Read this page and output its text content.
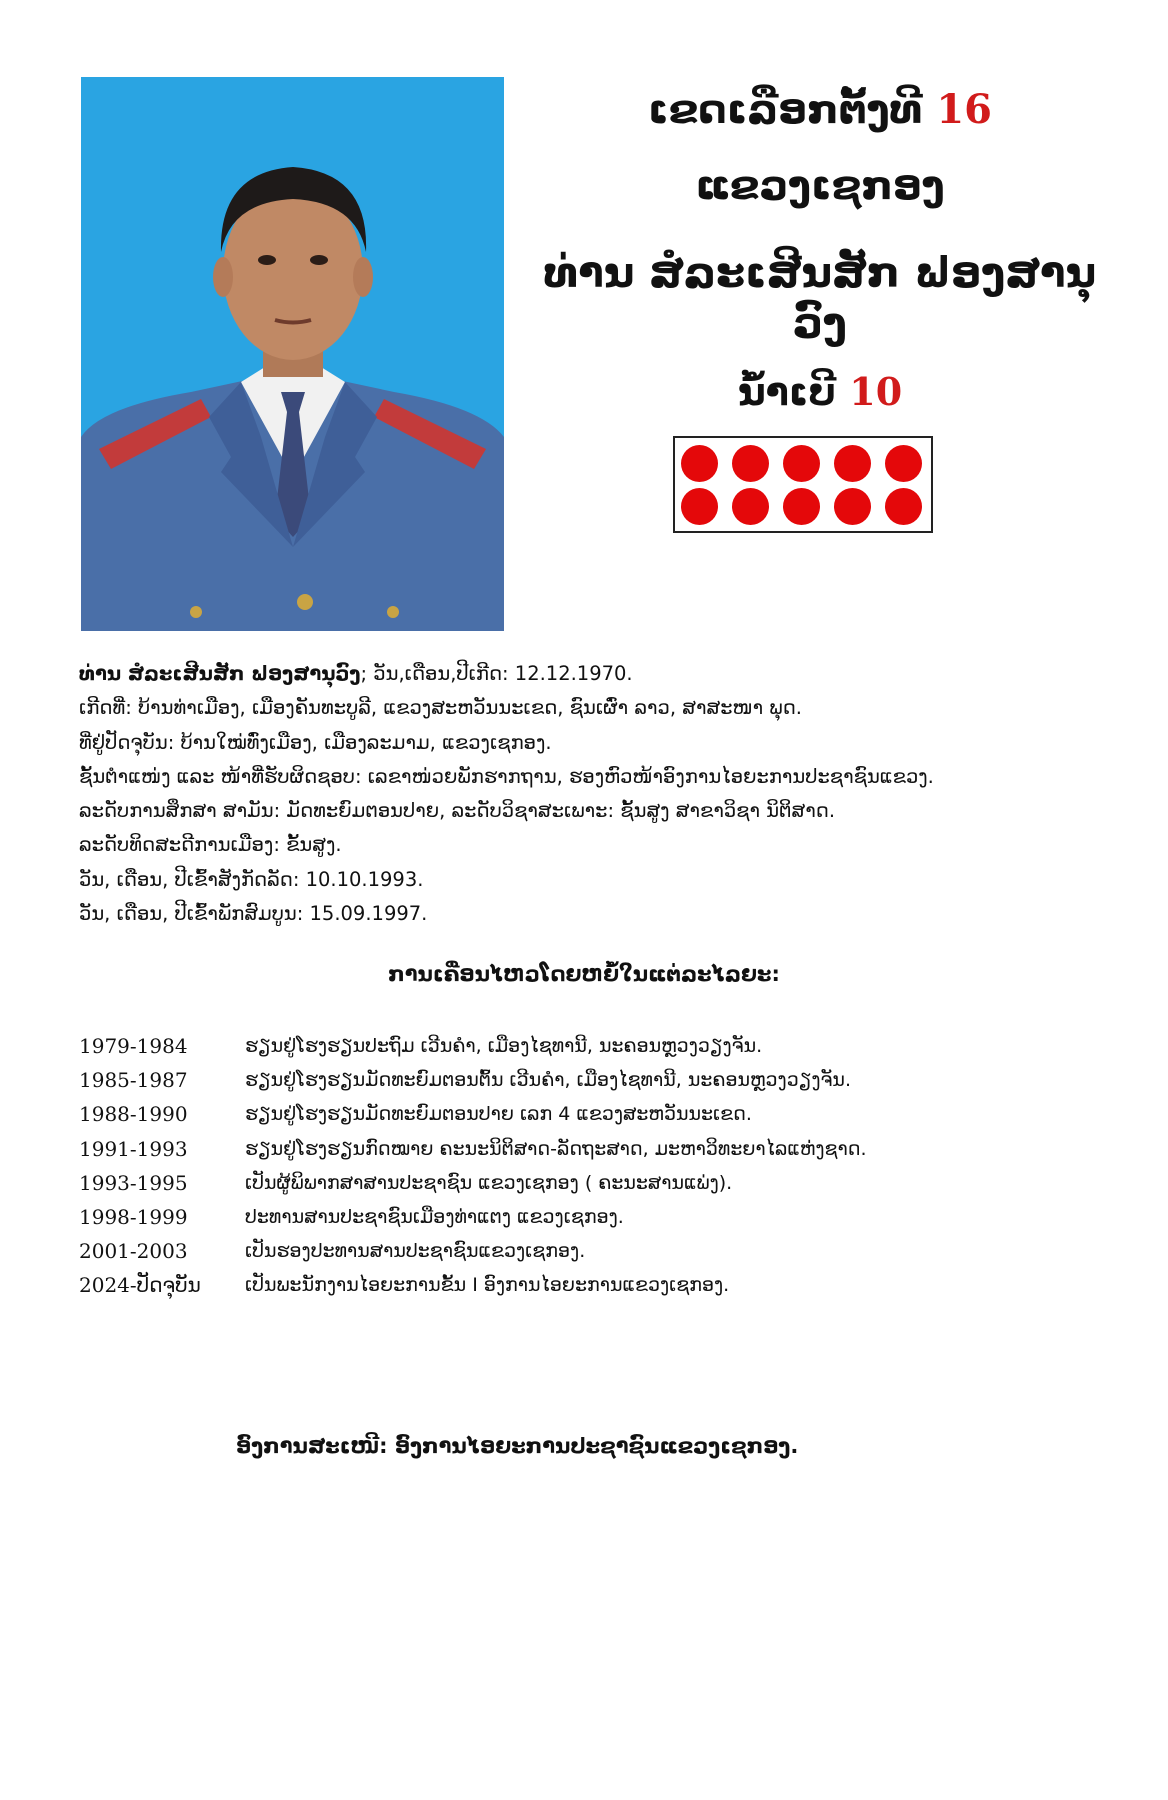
ເຂດເລືອກຕັ້ງທີ 16

ແຂວງເຊກອງ

ທ່ານ ສໍລະເສີນສັກ ຟອງສານຸວົງ

ນໍ້າເບີ 10

ທ່ານ ສໍລະເສີນສັກ ຟອງສານຸວົງ; ວັນ,ເດືອນ,ປີເກີດ: 12.12.1970.
ເກີດທີ່: ບ້ານທ່າເມືອງ, ເມືອງຄັນທະບູລີ, ແຂວງສະຫວັນນະເຂດ, ຊົນເຜົ່າ ລາວ, ສາສະໜາ ພຸດ.
ທີ່ຢູ່ປັດຈຸບັນ: ບ້ານໃໝ່ທົ່ງເມືອງ, ເມືອງລະມາມ, ແຂວງເຊກອງ.
ຊັ້ນຕໍາແໜ່ງ ແລະ ໜ້າທີ່ຮັບຜິດຊອບ: ເລຂາໜ່ວຍພັກຮາກຖານ, ຮອງຫົວໜ້າອົງການໄອຍະການປະຊາຊົນແຂວງ.
ລະດັບການສຶກສາ ສາມັນ: ມັດທະຍົມຕອນປາຍ, ລະດັບວິຊາສະເພາະ: ຊັ້ນສູງ ສາຂາວິຊາ ນິຕິສາດ.
ລະດັບທິດສະດີການເມືອງ: ຂັ້ນສູງ.
ວັນ, ເດືອນ, ປີເຂົ້າສັງກັດລັດ: 10.10.1993.
ວັນ, ເດືອນ, ປີເຂົ້າພັກສົມບູນ: 15.09.1997.
ການເຄື່ອນໄຫວໂດຍຫຍໍ້ໃນແຕ່ລະໄລຍະ:
1979-1984	ຮຽນຢູ່ໂຮງຮຽນປະຖົມ ເວີນຄໍາ, ເມືອງໄຊທານີ, ນະຄອນຫຼວງວຽງຈັນ.
1985-1987	ຮຽນຢູ່ໂຮງຮຽນມັດທະຍົມຕອນຕົ້ນ ເວີນຄໍາ, ເມືອງໄຊທານີ, ນະຄອນຫຼວງວຽງຈັນ.
1988-1990	ຮຽນຢູ່ໂຮງຮຽນມັດທະຍົມຕອນປາຍ ເລກ 4 ແຂວງສະຫວັນນະເຂດ.
1991-1993	ຮຽນຢູ່ໂຮງຮຽນກົດໝາຍ ຄະນະນິຕິສາດ-ລັດຖະສາດ, ມະຫາວິທະຍາໄລແຫ່ງຊາດ.
1993-1995	ເປັນຜູ້ພິພາກສາສານປະຊາຊົນ ແຂວງເຊກອງ ( ຄະນະສານແພ່ງ).
1998-1999	ປະທານສານປະຊາຊົນເມືອງທ່າແຕງ ແຂວງເຊກອງ.
2001-2003	ເປັນຮອງປະທານສານປະຊາຊົນແຂວງເຊກອງ.
2024-ປັດຈຸບັນ	ເປັນພະນັກງານໄອຍະການຂັ້ນ I ອົງການໄອຍະການແຂວງເຊກອງ.
ອົງການສະເໜີ: ອົງການໄອຍະການປະຊາຊົນແຂວງເຊກອງ.
